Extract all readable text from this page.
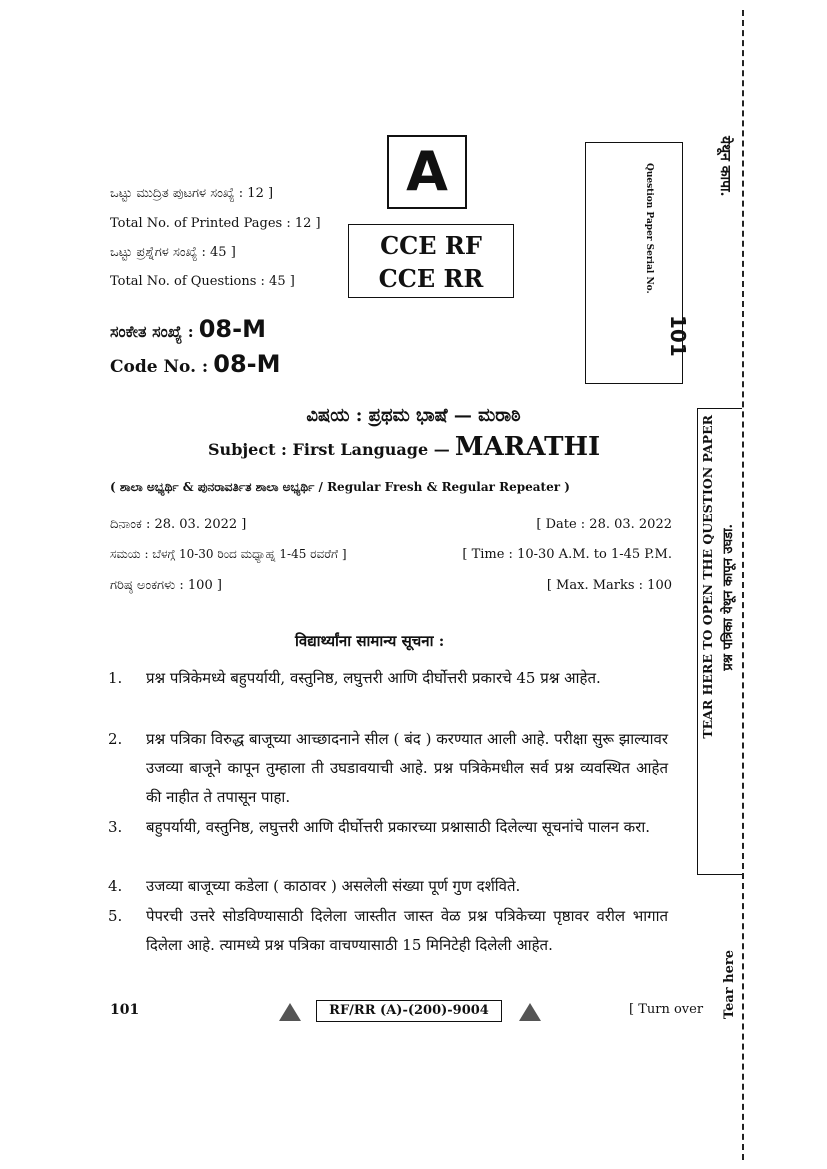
ಒಟ್ಟು ಮುದ್ರಿತ ಪುಟಗಳ ಸಂಖ್ಯೆ : 12 ]
Total No. of Printed Pages : 12 ]
ಒಟ್ಟು ಪ್ರಶ್ನೆಗಳ ಸಂಖ್ಯೆ : 45 ]
Total No. of Questions : 45 ]
ಸಂಕೇತ ಸಂಖ್ಯೆ : 08-M
Code No. : 08-M
A
CCE RF
CCE RR	Question Paper Serial No.
101
येथून कापा.
ವಿಷಯ : ಪ್ರಥಮ ಭಾಷೆ — ಮರಾಠಿ
Subject : First Language — MARATHI
( ಶಾಲಾ ಅಭ್ಯರ್ಥಿ & ಪುನರಾವರ್ತಿತ ಶಾಲಾ ಅಭ್ಯರ್ಥಿ / Regular Fresh & Regular Repeater )
ದಿನಾಂಕ : 28. 03. 2022 ]	[ Date : 28. 03. 2022
ಸಮಯ : ಬೆಳಗ್ಗೆ 10-30 ರಿಂದ ಮಧ್ಯಾಹ್ನ 1-45 ರವರೆಗೆ ]	[ Time : 10-30 A.M. to 1-45 P.M.
ಗರಿಷ್ಠ ಅಂಕಗಳು : 100 ]	[ Max. Marks : 100
विद्यार्थ्यांना सामान्य सूचना :
1. प्रश्न पत्रिकेमध्ये बहुपर्यायी, वस्तुनिष्ठ, लघुत्तरी आणि दीर्घोत्तरी प्रकारचे 45 प्रश्न आहेत.
2. प्रश्न पत्रिका विरुद्ध बाजूच्या आच्छादनाने सील ( बंद ) करण्यात आली आहे. परीक्षा सुरू झाल्यावर उजव्या बाजूने कापून तुम्हाला ती उघडावयाची आहे. प्रश्न पत्रिकेमधील सर्व प्रश्न व्यवस्थित आहेत की नाहीत ते तपासून पाहा.
3. बहुपर्यायी, वस्तुनिष्ठ, लघुत्तरी आणि दीर्घोत्तरी प्रकारच्या प्रश्नासाठी दिलेल्या सूचनांचे पालन करा.
4. उजव्या बाजूच्या कडेला ( काठावर ) असलेली संख्या पूर्ण गुण दर्शविते.
5. पेपरची उत्तरे सोडविण्यासाठी दिलेला जास्तीत जास्त वेळ प्रश्न पत्रिकेच्या पृष्ठावर वरील भागात दिलेला आहे. त्यामध्ये प्रश्न पत्रिका वाचण्यासाठी 15 मिनिटेही दिलेली आहेत.
TEAR HERE TO OPEN THE QUESTION PAPER प्रश्न पत्रिका येथून कापून उघडा.
Tear here
101	RF/RR (A)-(200)-9004	[ Turn over
